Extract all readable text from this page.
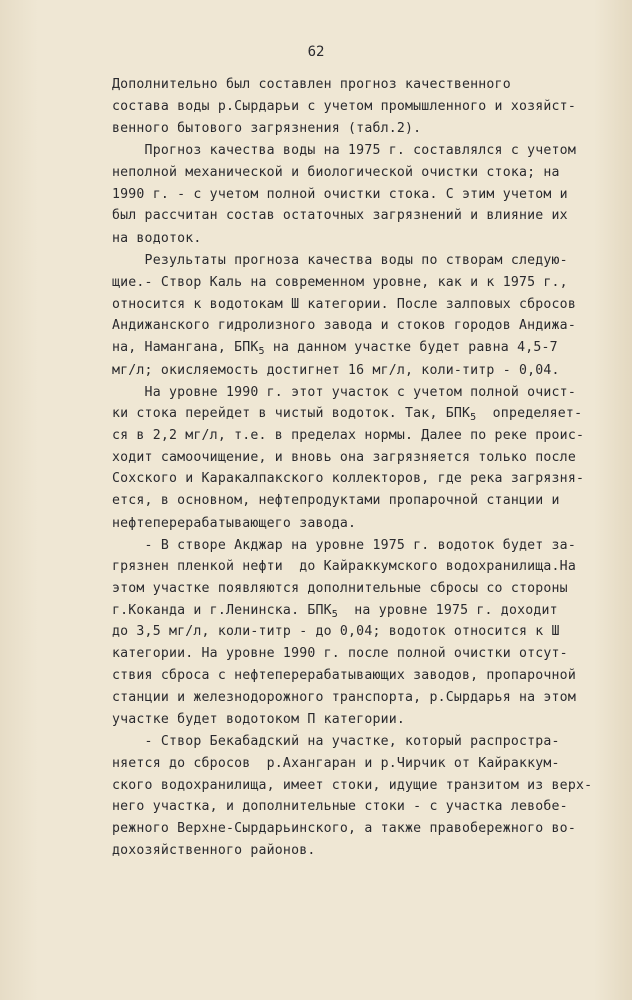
62
Дополнительно был составлен прогноз качественного
состава воды р.Сырдарьи с учетом промышленного и хозяйст-
венного бытового загрязнения (табл.2).
Прогноз качества воды на 1975 г. составлялся с учетом
неполной механической и биологической очистки стока; на
1990 г. - с учетом полной очистки стока. С этим учетом и
был рассчитан состав остаточных загрязнений и влияние их
на водоток.
Результаты прогноза качества воды по створам следую-
щие.- Створ Каль на современном уровне, как и к 1975 г.,
относится к водотокам Ш категории. После залповых сбросов
Андижанского гидролизного завода и стоков городов Андижа-
на, Намангана, $БПК_5$ на данном участке будет равна 4,5-7
мг/л; окисляемость достигнет 16 мг/л, коли-титр - 0,04.
На уровне 1990 г. этот участок с учетом полной очист-
ки стока перейдет в чистый водоток. Так, $БПК_5$  определяет-
ся в 2,2 мг/л, т.е. в пределах нормы. Далее по реке проис-
ходит самоочищение, и вновь она загрязняется только после
Сохского и Каракалпакского коллекторов, где река загрязня-
ется, в основном, нефтепродуктами пропарочной станции и
нефтеперерабатывающего завода.
- В створе Акджар на уровне 1975 г. водоток будет за-
грязнен пленкой нефти  до Кайраккумского водохранилища.На
этом участке появляются дополнительные сбросы со стороны
г.Коканда и г.Ленинска. $БПК_5$  на уровне 1975 г. доходит
до 3,5 мг/л, коли-титр - до 0,04; водоток относится к Ш
категории. На уровне 1990 г. после полной очистки отсут-
ствия сброса с нефтеперерабатывающих заводов, пропарочной
станции и железнодорожного транспорта, р.Сырдарья на этом
участке будет водотоком П категории.
- Створ Бекабадский на участке, который распростра-
няется до сбросов  р.Ахангаран и р.Чирчик от Кайраккум-
ского водохранилища, имеет стоки, идущие транзитом из верх-
него участка, и дополнительные стоки - с участка левобе-
режного Верхне-Сырдарьинского, а также правобережного во-
дохозяйственного районов.
